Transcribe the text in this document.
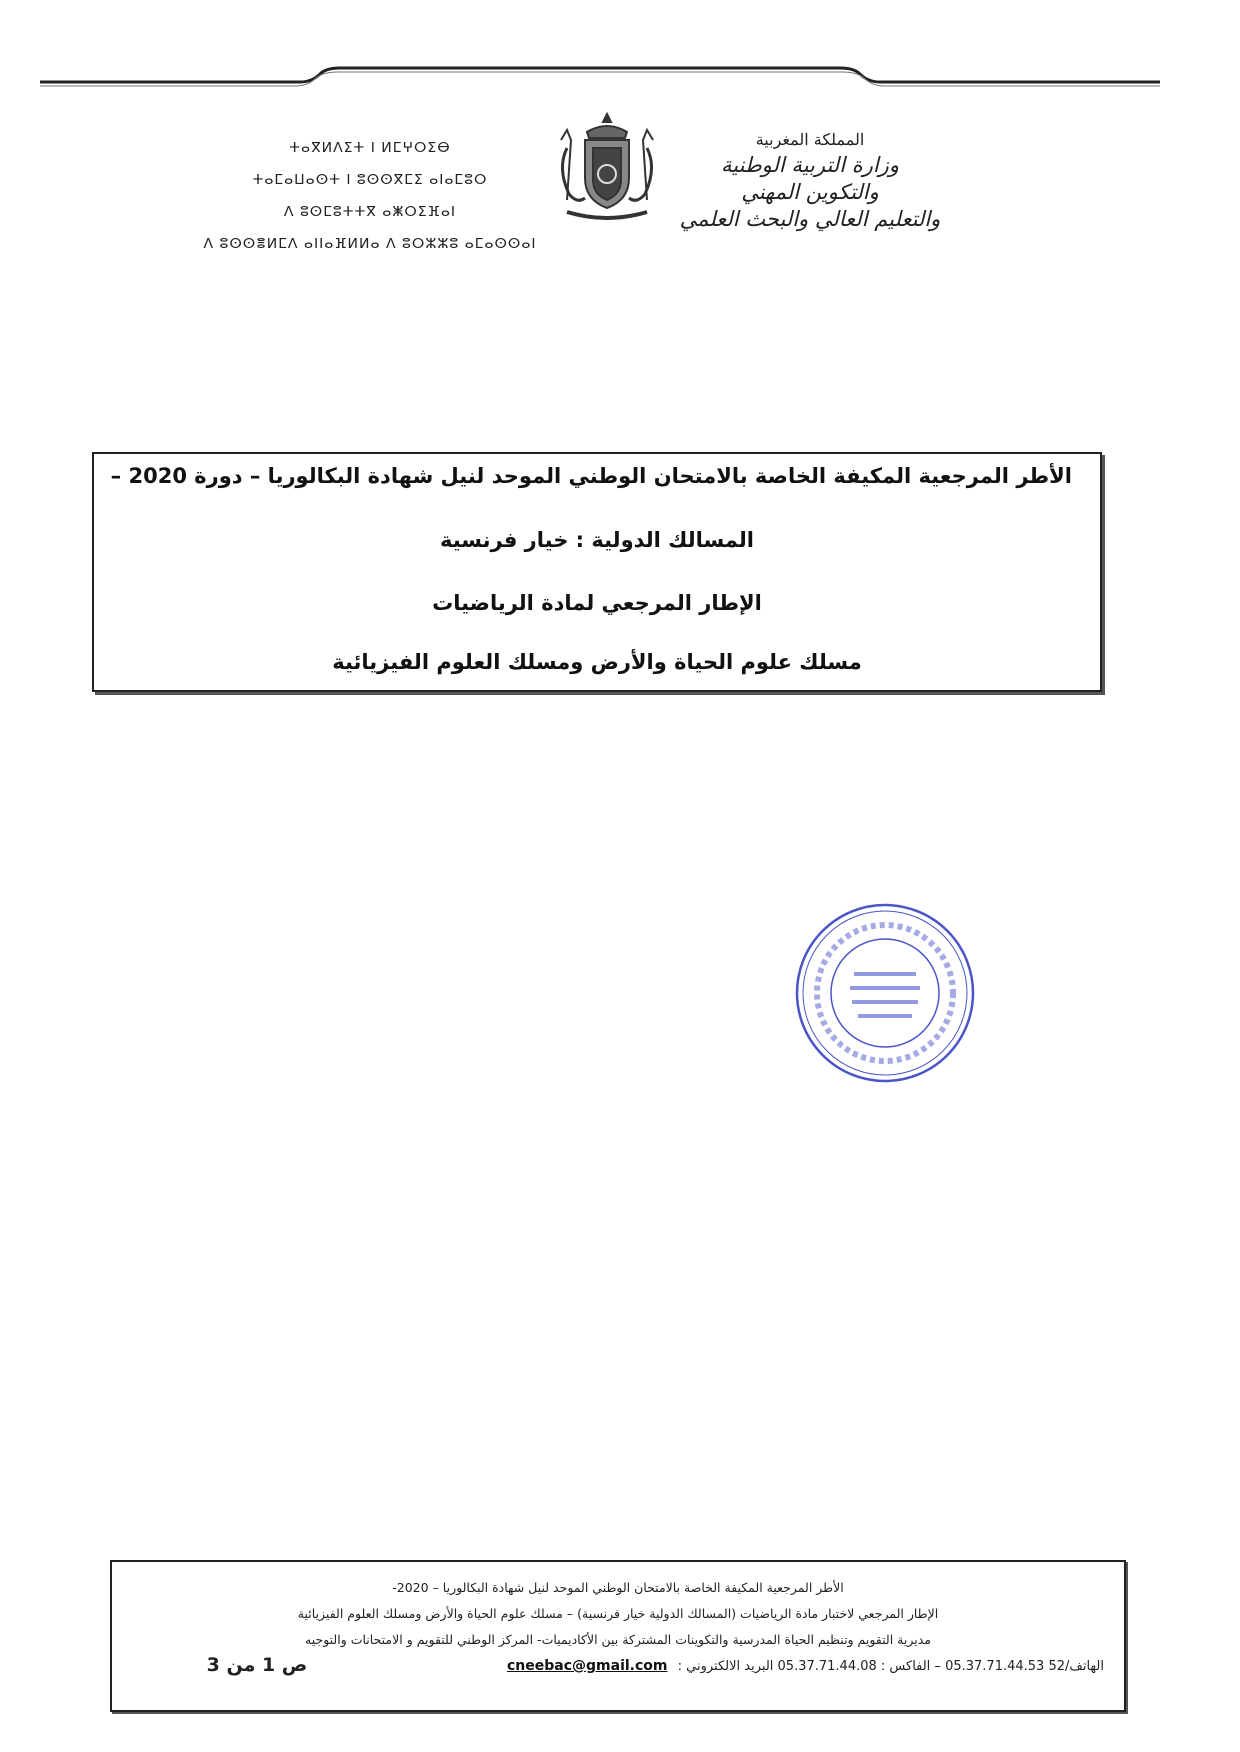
ⵜⴰⴳⵍⴷⵉⵜ ⵏ ⵍⵎⵖⵔⵉⴱ
ⵜⴰⵎⴰⵡⴰⵙⵜ ⵏ ⵓⵙⵙⴳⵎⵉ ⴰⵏⴰⵎⵓⵔ
ⴷ ⵓⵙⵎⵓⵜⵜⴳ ⴰⵥⵔⵉⴼⴰⵏ
ⴷ ⵓⵙⵙⴻⵍⵎⴷ ⴰⵏⵏⴰⴼⵍⵍⴰ ⴷ ⵓⵔⵣⵣⵓ ⴰⵎⴰⵙⵙⴰⵏ
المملكة المغربية
وزارة التربية الوطنية
والتكوين المهني
والتعليم العالي والبحث العلمي
الأطر المرجعية المكيفة الخاصة بالامتحان الوطني الموحد لنيل شهادة البكالوريا – دورة 2020 –
المسالك الدولية : خيار فرنسية
الإطار المرجعي لمادة الرياضيات
مسلك علوم الحياة والأرض ومسلك العلوم الفيزيائية
الأطر المرجعية المكيفة الخاصة بالامتحان الوطني الموحد لنيل شهادة البكالوريا – 2020-
الإطار المرجعي لاختبار مادة الرياضيات (المسالك الدولية خيار فرنسية) – مسلك علوم الحياة والأرض ومسلك العلوم الفيزيائية
مديرية التقويم وتنظيم الحياة المدرسية والتكوينات المشتركة بين الأكاديميات- المركز الوطني للتقويم و الامتحانات والتوجيه
الهاتف/52 05.37.71.44.53 – الفاكس : 05.37.71.44.08 البريد الالكتروني : cneebac@gmail.com
ص 1 من 3
